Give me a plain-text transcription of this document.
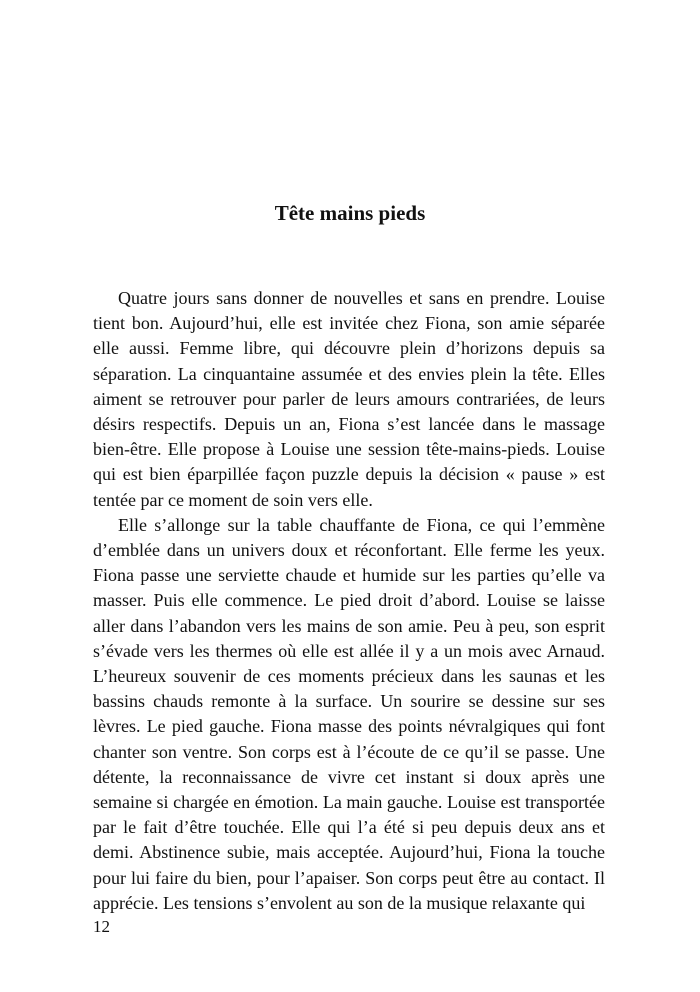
Tête mains pieds

Quatre jours sans donner de nouvelles et sans en prendre. Louise tient bon. Aujourd’hui, elle est invitée chez Fiona, son amie séparée elle aussi. Femme libre, qui découvre plein d’horizons depuis sa séparation. La cinquantaine assumée et des envies plein la tête. Elles aiment se retrouver pour parler de leurs amours contrariées, de leurs désirs respectifs. Depuis un an, Fiona s’est lancée dans le massage bien-être. Elle propose à Louise une session tête-mains-pieds. Louise qui est bien éparpillée façon puzzle depuis la décision « pause » est tentée par ce moment de soin vers elle.

Elle s’allonge sur la table chauffante de Fiona, ce qui l’emmène d’emblée dans un univers doux et réconfortant. Elle ferme les yeux. Fiona passe une serviette chaude et humide sur les parties qu’elle va masser. Puis elle commence. Le pied droit d’abord. Louise se laisse aller dans l’abandon vers les mains de son amie. Peu à peu, son esprit s’évade vers les thermes où elle est allée il y a un mois avec Arnaud. L’heureux souvenir de ces moments précieux dans les saunas et les bassins chauds remonte à la surface. Un sourire se dessine sur ses lèvres. Le pied gauche. Fiona masse des points névralgiques qui font chanter son ventre. Son corps est à l’écoute de ce qu’il se passe. Une détente, la reconnaissance de vivre cet instant si doux après une semaine si chargée en émotion. La main gauche. Louise est transportée par le fait d’être touchée. Elle qui l’a été si peu depuis deux ans et demi. Abstinence subie, mais acceptée. Aujourd’hui, Fiona la touche pour lui faire du bien, pour l’apaiser. Son corps peut être au contact. Il apprécie. Les tensions s’envolent au son de la musique relaxante qui

12
